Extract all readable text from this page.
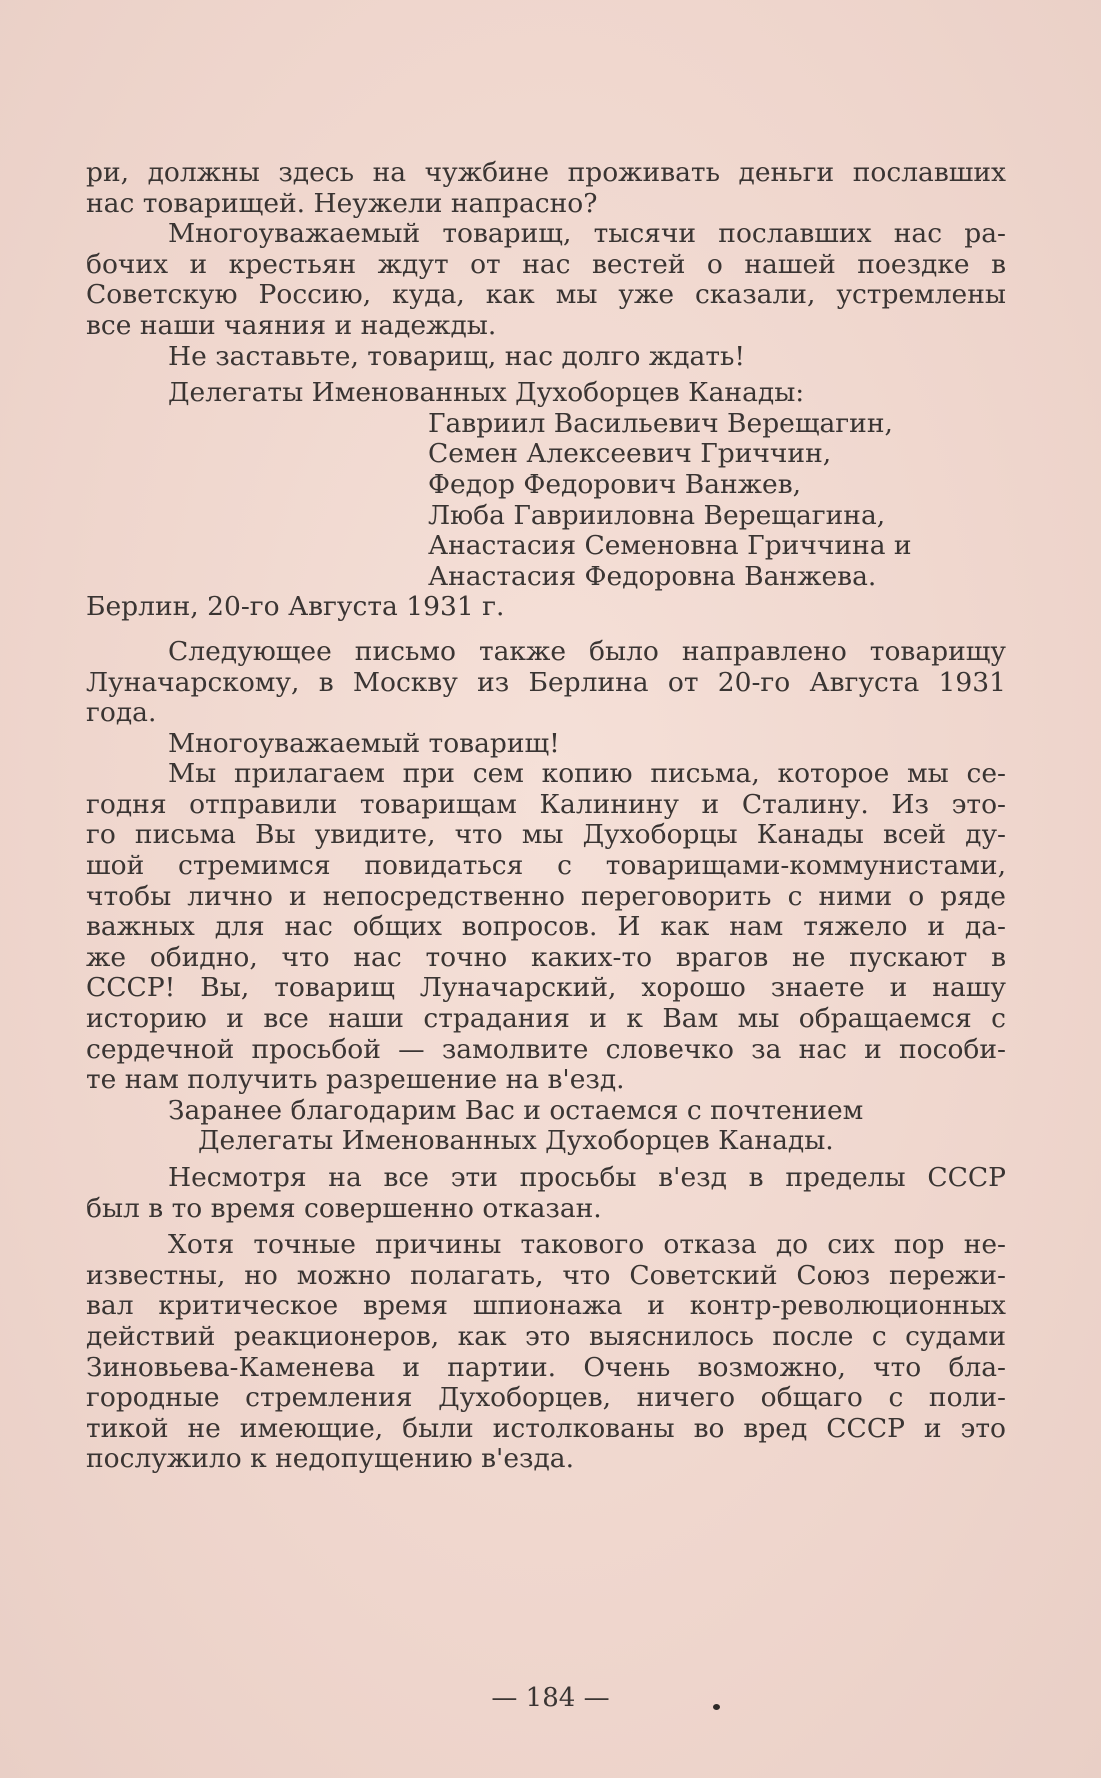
ри, должны здесь на чужбине проживать деньги пославших
нас товарищей. Неужели напрасно?
Многоуважаемый товарищ, тысячи пославших нас ра-
бочих и крестьян ждут от нас вестей о нашей поездке в
Советскую Россию, куда, как мы уже сказали, устремлены
все наши чаяния и надежды.
Не заставьте, товарищ, нас долго ждать!
Делегаты Именованных Духоборцев Канады:
Гавриил Васильевич Верещагин,
Семен Алексеевич Гриччин,
Федор Федорович Ванжев,
Люба Гаврииловна Верещагина,
Анастасия Семеновна Гриччина и
Анастасия Федоровна Ванжева.
Берлин, 20-го Августа 1931 г.
Следующее письмо также было направлено товарищу
Луначарскому, в Москву из Берлина от 20-го Августа 1931
года.
Многоуважаемый товарищ!
Мы прилагаем при сем копию письма, которое мы се-
годня отправили товарищам Калинину и Сталину. Из это-
го письма Вы увидите, что мы Духоборцы Канады всей ду-
шой стремимся повидаться с товарищами-коммунистами,
чтобы лично и непосредственно переговорить с ними о ряде
важных для нас общих вопросов. И как нам тяжело и да-
же обидно, что нас точно каких-то врагов не пускают в
СССР! Вы, товарищ Луначарский, хорошо знаете и нашу
историю и все наши страдания и к Вам мы обращаемся с
сердечной просьбой — замолвите словечко за нас и пособи-
те нам получить разрешение на в'езд.
Заранее благодарим Вас и остаемся с почтением
Делегаты Именованных Духоборцев Канады.
Несмотря на все эти просьбы в'езд в пределы СССР
был в то время совершенно отказан.
Хотя точные причины такового отказа до сих пор не-
известны, но можно полагать, что Советский Союз пережи-
вал критическое время шпионажа и контр-революционных
действий реакционеров, как это выяснилось после с судами
Зиновьева-Каменева и партии. Очень возможно, что бла-
городные стремления Духоборцев, ничего общаго с поли-
тикой не имеющие, были истолкованы во вред СССР и это
послужило к недопущению в'езда.
— 184 —
